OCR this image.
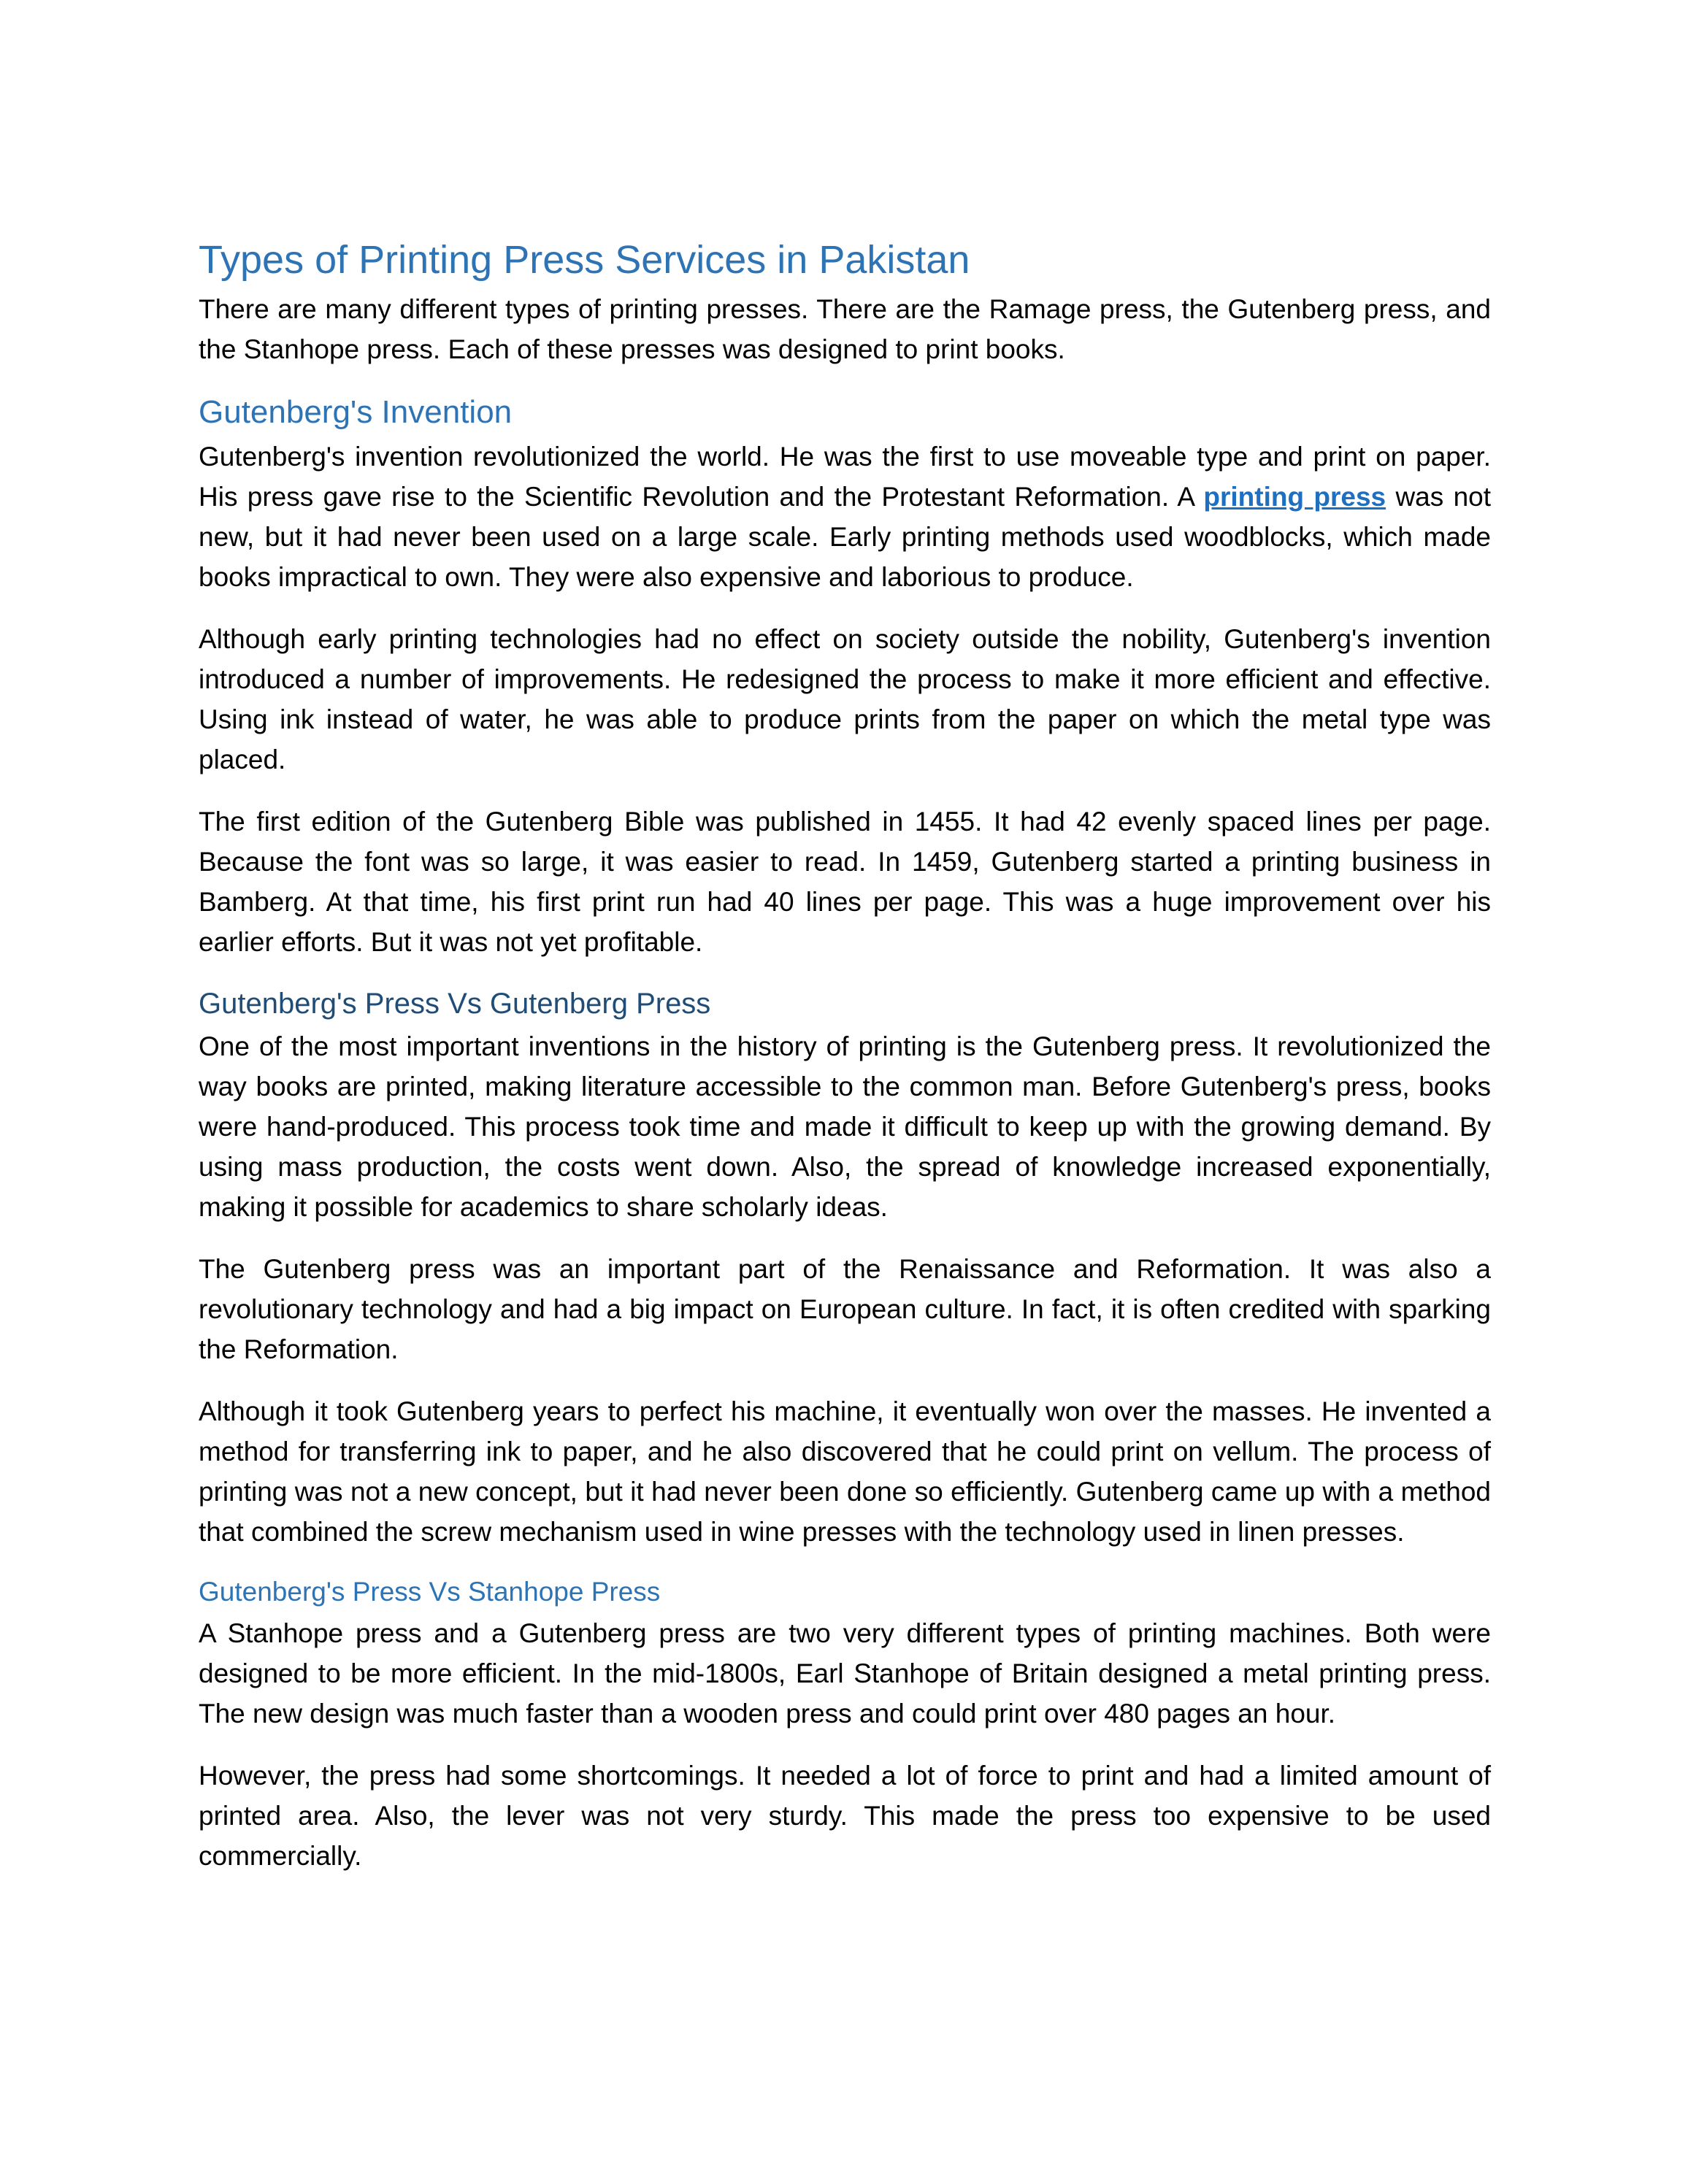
Types of Printing Press Services in Pakistan

There are many different types of printing presses. There are the Ramage press, the Gutenberg press, and the Stanhope press. Each of these presses was designed to print books.

Gutenberg's Invention

Gutenberg's invention revolutionized the world. He was the first to use moveable type and print on paper. His press gave rise to the Scientific Revolution and the Protestant Reformation. A printing press was not new, but it had never been used on a large scale. Early printing methods used woodblocks, which made books impractical to own. They were also expensive and laborious to produce.

Although early printing technologies had no effect on society outside the nobility, Gutenberg's invention introduced a number of improvements. He redesigned the process to make it more efficient and effective. Using ink instead of water, he was able to produce prints from the paper on which the metal type was placed.

The first edition of the Gutenberg Bible was published in 1455. It had 42 evenly spaced lines per page. Because the font was so large, it was easier to read. In 1459, Gutenberg started a printing business in Bamberg. At that time, his first print run had 40 lines per page. This was a huge improvement over his earlier efforts. But it was not yet profitable.

Gutenberg's Press Vs Gutenberg Press

One of the most important inventions in the history of printing is the Gutenberg press. It revolutionized the way books are printed, making literature accessible to the common man. Before Gutenberg's press, books were hand-produced. This process took time and made it difficult to keep up with the growing demand. By using mass production, the costs went down. Also, the spread of knowledge increased exponentially, making it possible for academics to share scholarly ideas.

The Gutenberg press was an important part of the Renaissance and Reformation. It was also a revolutionary technology and had a big impact on European culture. In fact, it is often credited with sparking the Reformation.

Although it took Gutenberg years to perfect his machine, it eventually won over the masses. He invented a method for transferring ink to paper, and he also discovered that he could print on vellum. The process of printing was not a new concept, but it had never been done so efficiently. Gutenberg came up with a method that combined the screw mechanism used in wine presses with the technology used in linen presses.

Gutenberg's Press Vs Stanhope Press

A Stanhope press and a Gutenberg press are two very different types of printing machines. Both were designed to be more efficient. In the mid-1800s, Earl Stanhope of Britain designed a metal printing press. The new design was much faster than a wooden press and could print over 480 pages an hour.

However, the press had some shortcomings. It needed a lot of force to print and had a limited amount of printed area. Also, the lever was not very sturdy. This made the press too expensive to be used commercially.
